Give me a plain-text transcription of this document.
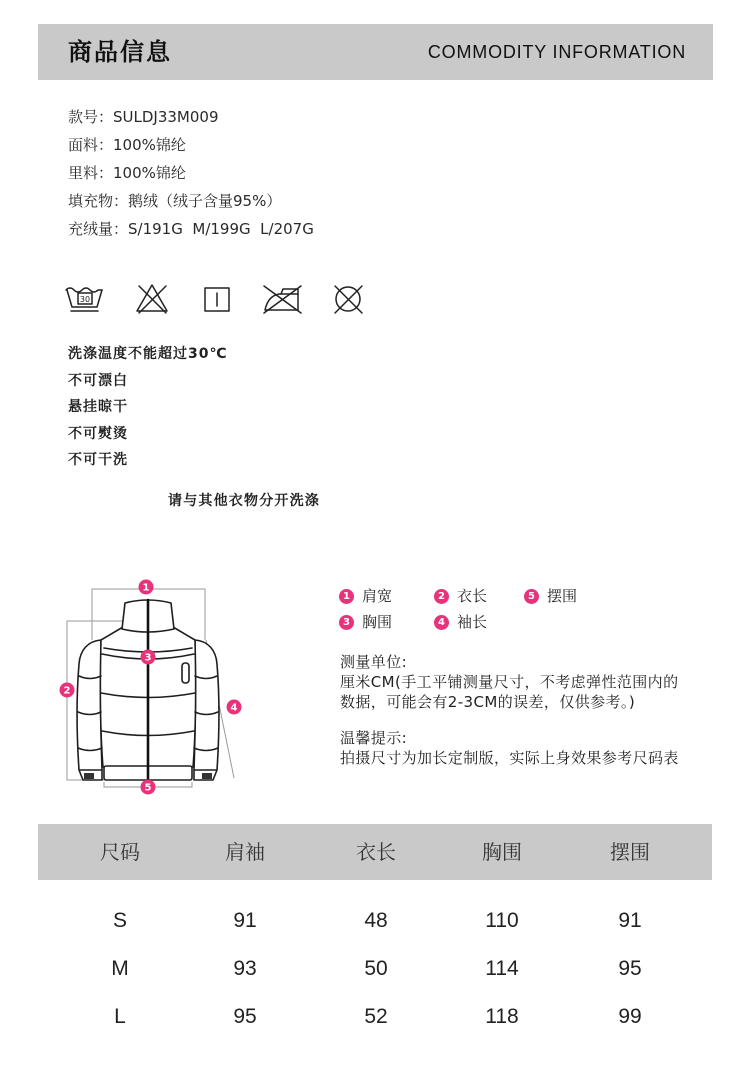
商品信息	COMMODITY INFORMATION
款号：SULDJ33M009
面料：100%锦纶
里料：100%锦纶
填充物：鹅绒（绒子含量95%）
充绒量：S/191G  M/199G  L/207G
30
洗涤温度不能超过30℃
不可漂白
悬挂晾干
不可熨烫
不可干洗
请与其他衣物分开洗涤
1
2
3
4
5
1 肩宽	2 衣长	5 摆围
3 胸围	4 袖长
测量单位:
厘米CM(手工平铺测量尺寸，不考虑弹性范围内的
数据，可能会有2-3CM的误差，仅供参考。)
温馨提示:
拍摄尺寸为加长定制版，实际上身效果参考尺码表
尺码	肩袖	衣长	胸围	摆围
S	91	48	110	91
M	93	50	114	95
L	95	52	118	99
